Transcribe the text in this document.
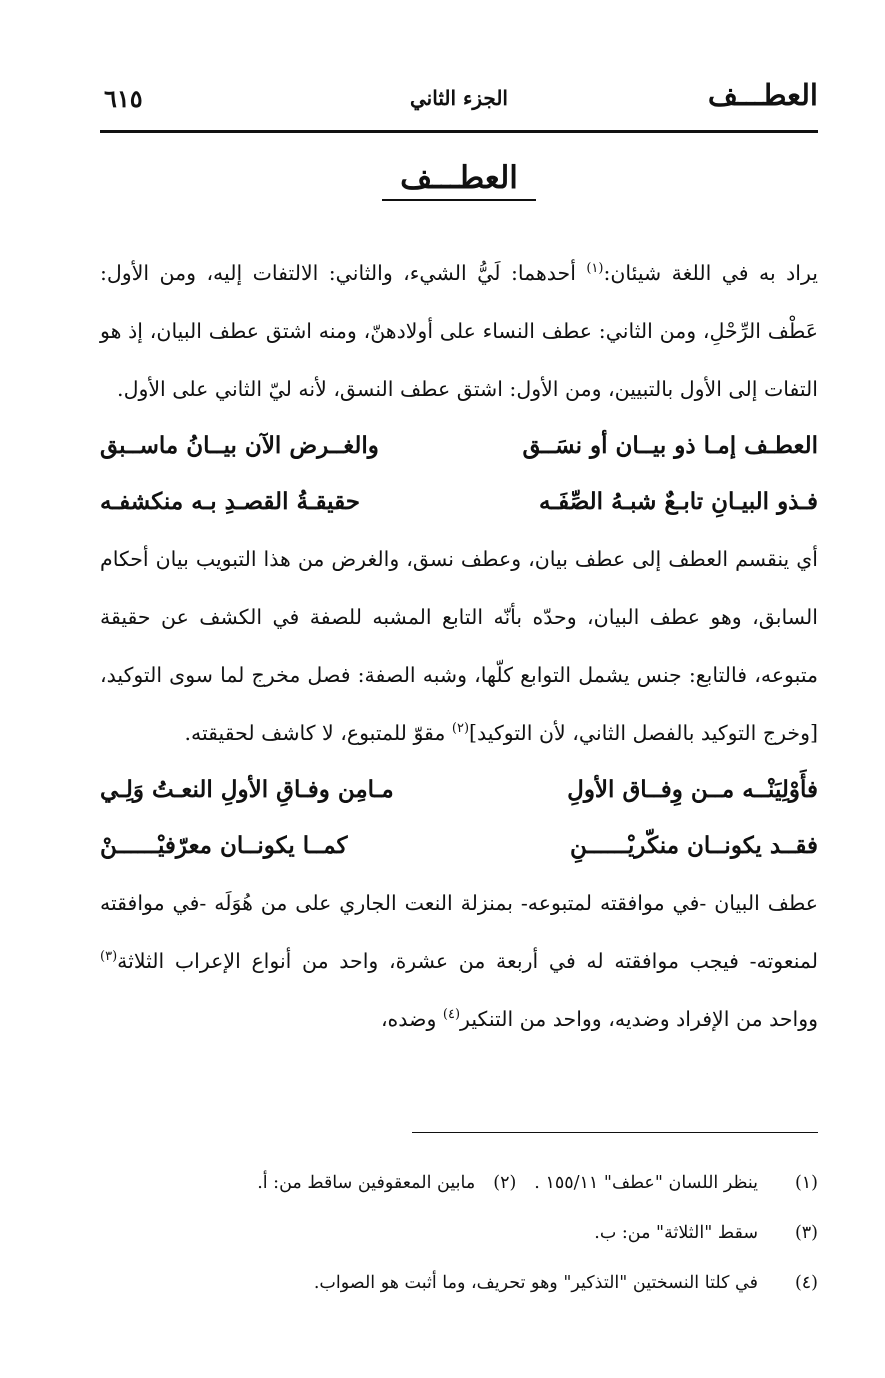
العطـــف
الجزء الثاني
٦١٥
العطـــف

يراد به في اللغة شيئان:$^{(١)}$ أحدهما: لَيُّ الشيء، والثاني: الالتفات إليه، ومن الأول: عَطْف الرِّحْلِ، ومن الثاني: عطف النساء على أولادهنّ، ومنه اشتق عطف البيان، إذ هو التفات إلى الأول بالتبيين، ومن الأول: اشتق عطف النسق، لأنه ليّ الثاني على الأول.

العطـف إمـا ذو بيــان أو نسَــق
والغــرض الآن بيــانُ ماســبق
فـذو البيـانِ تابـعٌ شبـهُ الصِّفَـه
حقيقـةُ القصـدِ بـه منكشفـه

أي ينقسم العطف إلى عطف بيان، وعطف نسق، والغرض من هذا التبويب بيان أحكام السابق، وهو عطف البيان، وحدّه بأنّه التابع المشبه للصفة في الكشف عن حقيقة متبوعه، فالتابع: جنس يشمل التوابع كلّها، وشبه الصفة: فصل مخرج لما سوى التوكيد، [وخرج التوكيد بالفصل الثاني، لأن التوكيد]$^{(٢)}$ مقوّ للمتبوع، لا كاشف لحقيقته.

فأَوْلِيَنْــه مــن وِفــاق الأولِ
مـامِن وفـاقِ الأولِ النعـتُ وَلِـي
فقــد يكونــان منكّريْــــــنِ
كمــا يكونــان معرّفيْــــــنْ

عطف البيان -في موافقته لمتبوعه- بمنزلة النعت الجاري على من هُوَلَه -في موافقته لمنعوته- فيجب موافقته له في أربعة من عشرة، واحد من أنواع الإعراب الثلاثة$^{(٣)}$ وواحد من الإفراد وضديه، وواحد من التنكير$^{(٤)}$ وضده،

(١)
ينظر اللسان "عطف" ١٥٥/١١ .(٢)مابين المعقوفين ساقط من: أ.
(٣)
سقط "الثلاثة" من: ب.
(٤)
في كلتا النسختين "التذكير" وهو تحريف، وما أثبت هو الصواب.
